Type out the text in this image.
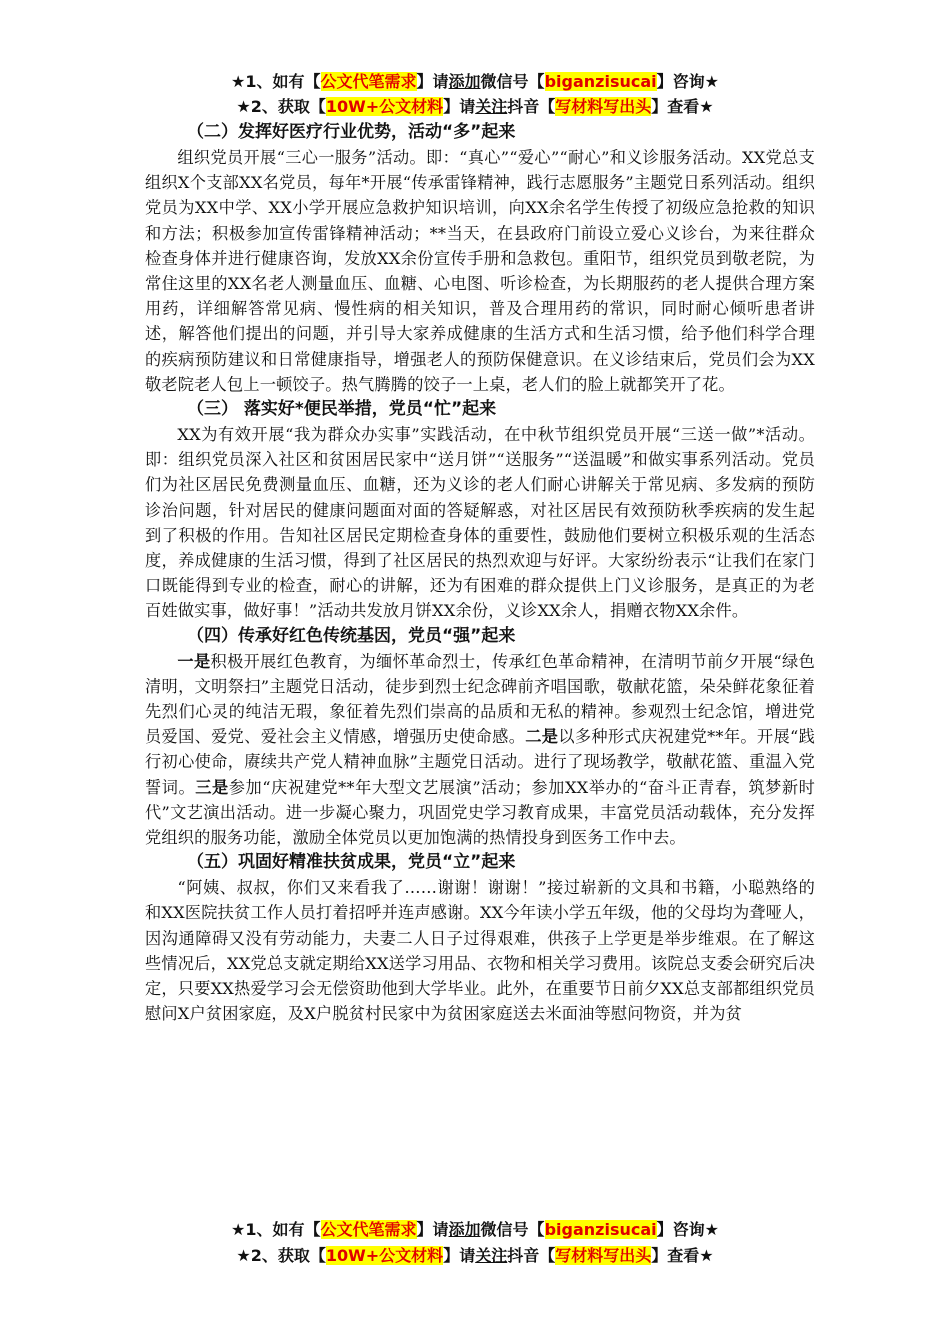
★1、如有【公文代笔需求】请添加微信号【biganzisucai】咨询★
★2、获取【10W+公文材料】请关注抖音【写材料写出头】查看★

（二）发挥好医疗行业优势，活动“多”起来

组织党员开展“三心一服务”活动。即：“真心”“爱心”“耐心”和义诊服务活动。XX党总支组织X个支部XX名党员，每年*开展“传承雷锋精神，践行志愿服务”主题党日系列活动。组织党员为XX中学、XX小学开展应急救护知识培训，向XX余名学生传授了初级应急抢救的知识和方法；积极参加宣传雷锋精神活动；**当天，在县政府门前设立爱心义诊台，为来往群众检查身体并进行健康咨询，发放XX余份宣传手册和急救包。重阳节，组织党员到敬老院，为常住这里的XX名老人测量血压、血糖、心电图、听诊检查，为长期服药的老人提供合理方案用药，详细解答常见病、慢性病的相关知识，普及合理用药的常识，同时耐心倾听患者讲述，解答他们提出的问题，并引导大家养成健康的生活方式和生活习惯，给予他们科学合理的疾病预防建议和日常健康指导，增强老人的预防保健意识。在义诊结束后，党员们会为XX敬老院老人包上一顿饺子。热气腾腾的饺子一上桌，老人们的脸上就都笑开了花。

（三） 落实好*便民举措，党员“忙”起来

XX为有效开展“我为群众办实事”实践活动，在中秋节组织党员开展“三送一做”*活动。即：组织党员深入社区和贫困居民家中“送月饼”“送服务”“送温暖”和做实事系列活动。党员们为社区居民免费测量血压、血糖，还为义诊的老人们耐心讲解关于常见病、多发病的预防诊治问题，针对居民的健康问题面对面的答疑解惑，对社区居民有效预防秋季疾病的发生起到了积极的作用。告知社区居民定期检查身体的重要性，鼓励他们要树立积极乐观的生活态度，养成健康的生活习惯，得到了社区居民的热烈欢迎与好评。大家纷纷表示“让我们在家门口既能得到专业的检查，耐心的讲解，还为有困难的群众提供上门义诊服务，是真正的为老百姓做实事，做好事！”活动共发放月饼XX余份，义诊XX余人，捐赠衣物XX余件。

（四）传承好红色传统基因，党员“强”起来

一是积极开展红色教育，为缅怀革命烈士，传承红色革命精神，在清明节前夕开展“绿色清明，文明祭扫”主题党日活动，徒步到烈士纪念碑前齐唱国歌，敬献花篮，朵朵鲜花象征着先烈们心灵的纯洁无瑕，象征着先烈们崇高的品质和无私的精神。参观烈士纪念馆，增进党员爱国、爱党、爱社会主义情感，增强历史使命感。二是以多种形式庆祝建党**年。开展“践行初心使命，赓续共产党人精神血脉”主题党日活动。进行了现场教学，敬献花篮、重温入党誓词。三是参加“庆祝建党**年大型文艺展演”活动；参加XX举办的“奋斗正青春，筑梦新时代”文艺演出活动。进一步凝心聚力，巩固党史学习教育成果，丰富党员活动载体，充分发挥党组织的服务功能，激励全体党员以更加饱满的热情投身到医务工作中去。

（五）巩固好精准扶贫成果，党员“立”起来

“阿姨、叔叔，你们又来看我了……谢谢！谢谢！”接过崭新的文具和书籍，小聪熟络的和XX医院扶贫工作人员打着招呼并连声感谢。XX今年读小学五年级，他的父母均为聋哑人，因沟通障碍又没有劳动能力，夫妻二人日子过得艰难，供孩子上学更是举步维艰。在了解这些情况后，XX党总支就定期给XX送学习用品、衣物和相关学习费用。该院总支委会研究后决定，只要XX热爱学习会无偿资助他到大学毕业。此外，在重要节日前夕XX总支部都组织党员慰问X户贫困家庭，及X户脱贫村民家中为贫困家庭送去米面油等慰问物资，并为贫

★1、如有【公文代笔需求】请添加微信号【biganzisucai】咨询★
★2、获取【10W+公文材料】请关注抖音【写材料写出头】查看★
